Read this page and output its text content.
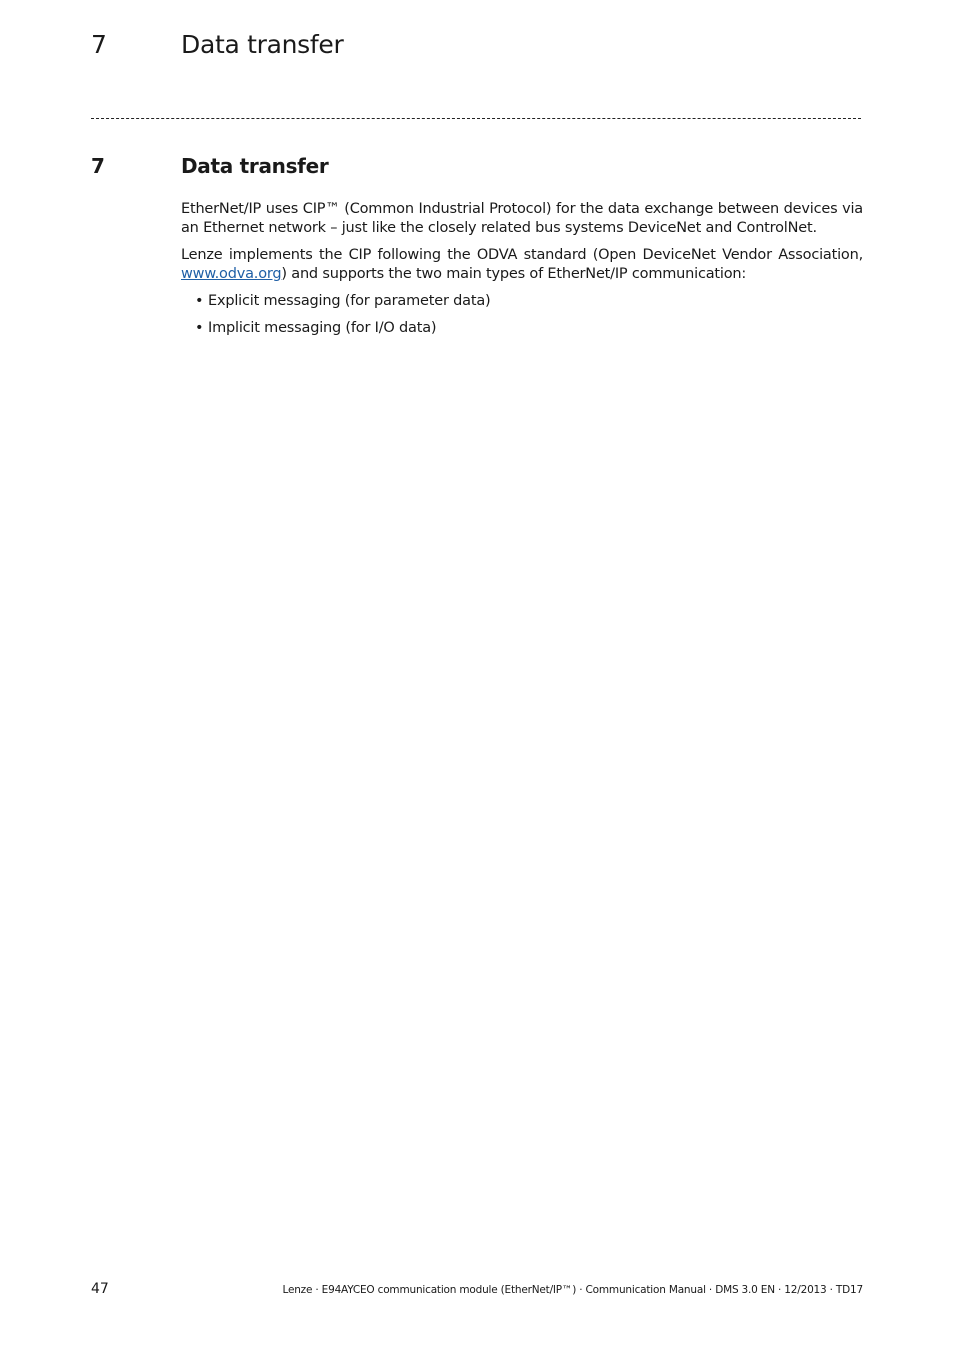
7	Data transfer
7	Data transfer

EtherNet/IP uses CIP™ (Common Industrial Protocol) for the data exchange between devices via an Ethernet network – just like the closely related bus systems DeviceNet and ControlNet.

Lenze implements the CIP following the ODVA standard (Open DeviceNet Vendor Association, www.odva.org) and supports the two main types of EtherNet/IP communication:

• Explicit messaging (for parameter data)
• Implicit messaging (for I/O data)
47	Lenze · E94AYCEO communication module (EtherNet/IP™) · Communication Manual · DMS 3.0 EN · 12/2013 · TD17
